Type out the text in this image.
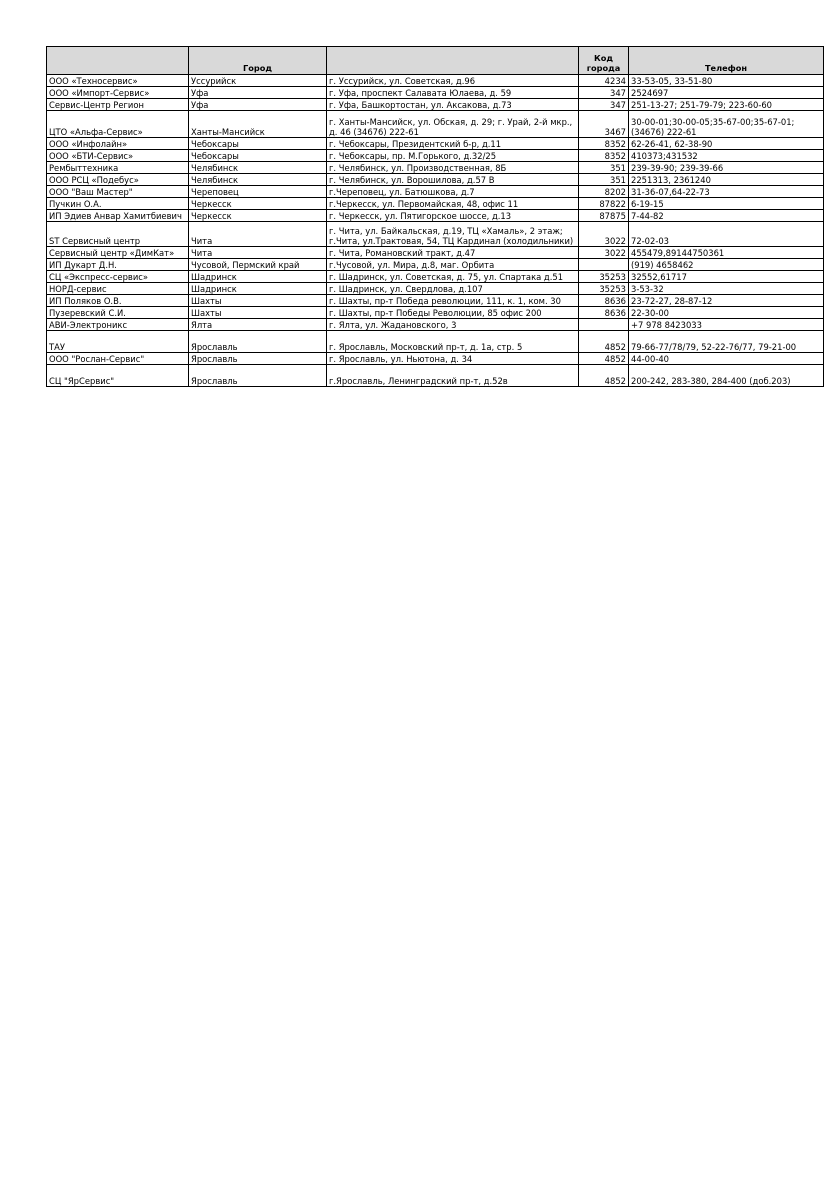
	Город		Код города	Телефон
ООО «Техносервис»	Уссурийск	г. Уссурийск, ул. Советская, д.96	4234	33-53-05, 33-51-80
ООО «Импорт-Сервис»	Уфа	г. Уфа, проспект Салавата Юлаева, д. 59	347	2524697
Сервис-Центр Регион	Уфа	г. Уфа, Башкортостан, ул. Аксакова, д.73	347	251-13-27; 251-79-79; 223-60-60
ЦТО «Альфа-Сервис»	Ханты-Мансийск	г. Ханты-Мансийск, ул. Обская, д. 29; г. Урай, 2-й мкр., д. 46 (34676) 222-61	3467	30-00-01;30-00-05;35-67-00;35-67-01;(34676) 222-61
ООО «Инфолайн»	Чебоксары	г. Чебоксары, Президентский б-р, д.11	8352	62-26-41, 62-38-90
ООО «БТИ-Сервис»	Чебоксары	г. Чебоксары, пр. М.Горького, д.32/25	8352	410373;431532
Рембыттехника	Челябинск	г. Челябинск, ул. Производственная, 8Б	351	239-39-90; 239-39-66
ООО РСЦ «Подебус»	Челябинск	г. Челябинск, ул. Ворошилова, д.57 В	351	2251313, 2361240
ООО "Ваш Мастер"	Череповец	г.Череповец, ул. Батюшкова, д.7	8202	31-36-07,64-22-73
Пучкин О.А.	Черкесск	г.Черкесск, ул. Первомайская, 48, офис 11	87822	6-19-15
ИП Эдиев Анвар Хамитбиевич	Черкесск	г. Черкесск, ул. Пятигорское шоссе, д.13	87875	7-44-82
ST Сервисный центр	Чита	г. Чита, ул. Байкальская, д.19, ТЦ «Хамаль», 2 этаж; г.Чита, ул.Трактовая, 54, ТЦ Кардинал (холодильники)	3022	72-02-03
Сервисный центр «ДимКат»	Чита	г. Чита, Романовский тракт, д.47	3022	455479,89144750361
ИП Дукарт Д.Н.	Чусовой, Пермский край	г.Чусовой, ул. Мира, д.8, маг. Орбита		(919) 4658462
СЦ «Экспресс-сервис»	Шадринск	г. Шадринск, ул. Советская, д. 75, ул. Спартака д.51	35253	32552,61717
НОРД-сервис	Шадринск	г. Шадринск, ул. Свердлова, д.107	35253	3-53-32
ИП Поляков О.В.	Шахты	г. Шахты, пр-т Победа революции, 111, к. 1, ком. 30	8636	23-72-27, 28-87-12
Пузеревский С.И.	Шахты	г. Шахты, пр-т Победы Революции, 85 офис 200	8636	22-30-00
АВИ-Электроникс	Ялта	г. Ялта, ул. Жадановского, 3		+7 978 8423033
ТАУ	Ярославль	г. Ярославль, Московский пр-т, д. 1а, стр. 5	4852	79-66-77/78/79, 52-22-76/77, 79-21-00
ООО "Рослан-Сервис"	Ярославль	г. Ярославль, ул. Ньютона, д. 34	4852	44-00-40
СЦ "ЯрСервис"	Ярославль	г.Ярославль, Ленинградский пр-т, д.52в	4852	200-242, 283-380, 284-400 (доб.203)
